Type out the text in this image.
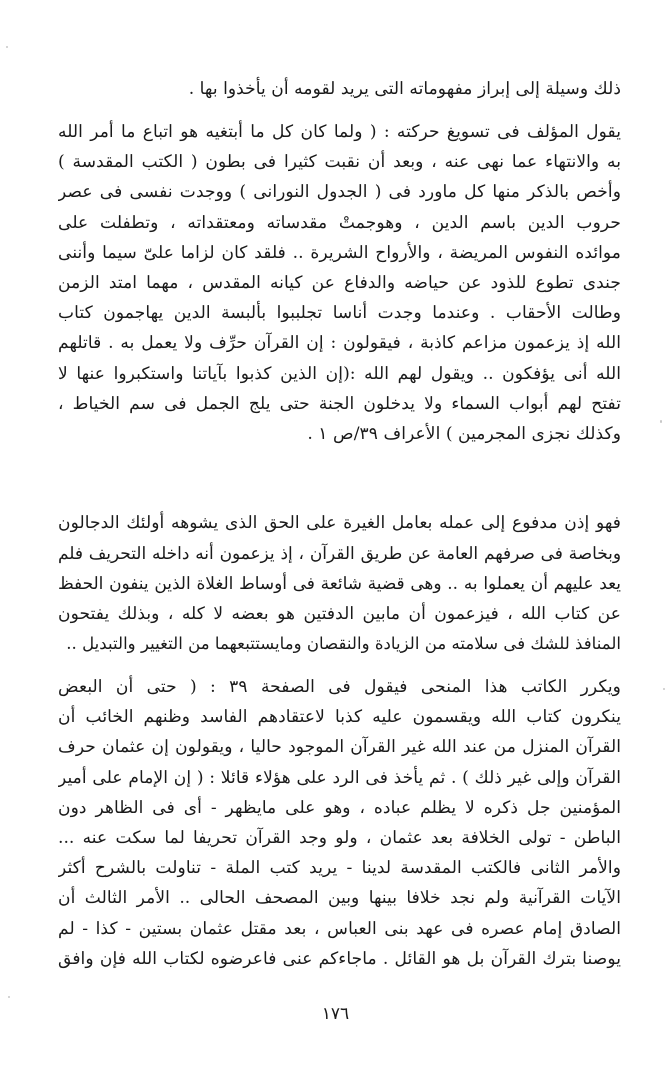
ذلك وسيلة إلى إبراز مفهوماته التى يريد لقومه أن يأخذوا بها .
يقول المؤلف فى تسويغ حركته : ( ولما كان كل ما أبتغيه هو اتباع ما أمر الله
به والانتهاء عما نهى عنه ، وبعد أن نقبت كثيرا فى بطون ( الكتب المقدسة )
وأخص بالذكر منها كل ماورد فى ( الجدول النورانى ) ووجدت نفسى فى عصر
حروب الدين باسم الدين ، وهوجمتْ مقدساته ومعتقداته ، وتطفلت على
موائده النفوس المريضة ، والأرواح الشريرة .. فلقد كان لزاما علىّ سيما وأننى
جندى تطوع للذود عن حياضه والدفاع عن كيانه المقدس ، مهما امتد الزمن
وطالت الأحقاب . وعندما وجدت أناسا تجلببوا بألبسة الدين يهاجمون كتاب
الله إذ يزعمون مزاعم كاذبة ، فيقولون : إن القرآن حرِّف ولا يعمل به . قاتلهم
الله أنى يؤفكون .. ويقول لهم الله :(إن الذين كذبوا بآياتنا واستكبروا عنها لا
تفتح لهم أبواب السماء ولا يدخلون الجنة حتى يلج الجمل فى سم الخياط ،
وكذلك نجزى المجرمين ) الأعراف ٣٩/ص ١ .
فهو إذن مدفوع إلى عمله بعامل الغيرة على الحق الذى يشوهه أولئك الدجالون
وبخاصة فى صرفهم العامة عن طريق القرآن ، إذ يزعمون أنه داخله التحريف فلم
يعد عليهم أن يعملوا به .. وهى قضية شائعة فى أوساط الغلاة الذين ينفون الحفظ
عن كتاب الله ، فيزعمون أن مابين الدفتين هو بعضه لا كله ، وبذلك يفتحون
المنافذ للشك فى سلامته من الزيادة والنقصان ومايستتبعهما من التغيير والتبديل ..
ويكرر الكاتب هذا المنحى فيقول فى الصفحة ٣٩ : ( حتى أن البعض
ينكرون كتاب الله ويقسمون عليه كذبا لاعتقادهم الفاسد وظنهم الخائب أن
القرآن المنزل من عند الله غير القرآن الموجود حاليا ، ويقولون إن عثمان حرف
القرآن وإلى غير ذلك ) . ثم يأخذ فى الرد على هؤلاء قائلا : ( إن الإمام على أمير
المؤمنين جل ذكره لا يظلم عباده ، وهو على مايظهر - أى فى الظاهر دون
الباطن - تولى الخلافة بعد عثمان ، ولو وجد القرآن تحريفا لما سكت عنه ...
والأمر الثانى فالكتب المقدسة لدينا - يريد كتب الملة - تناولت بالشرح أكثر
الآيات القرآنية ولم نجد خلافا بينها وبين المصحف الحالى .. الأمر الثالث أن
الصادق إمام عصره فى عهد بنى العباس ، بعد مقتل عثمان بستين - كذا - لم
يوصنا بترك القرآن بل هو القائل . ماجاءكم عنى فاعرضوه لكتاب الله فإن وافق
١٧٦
